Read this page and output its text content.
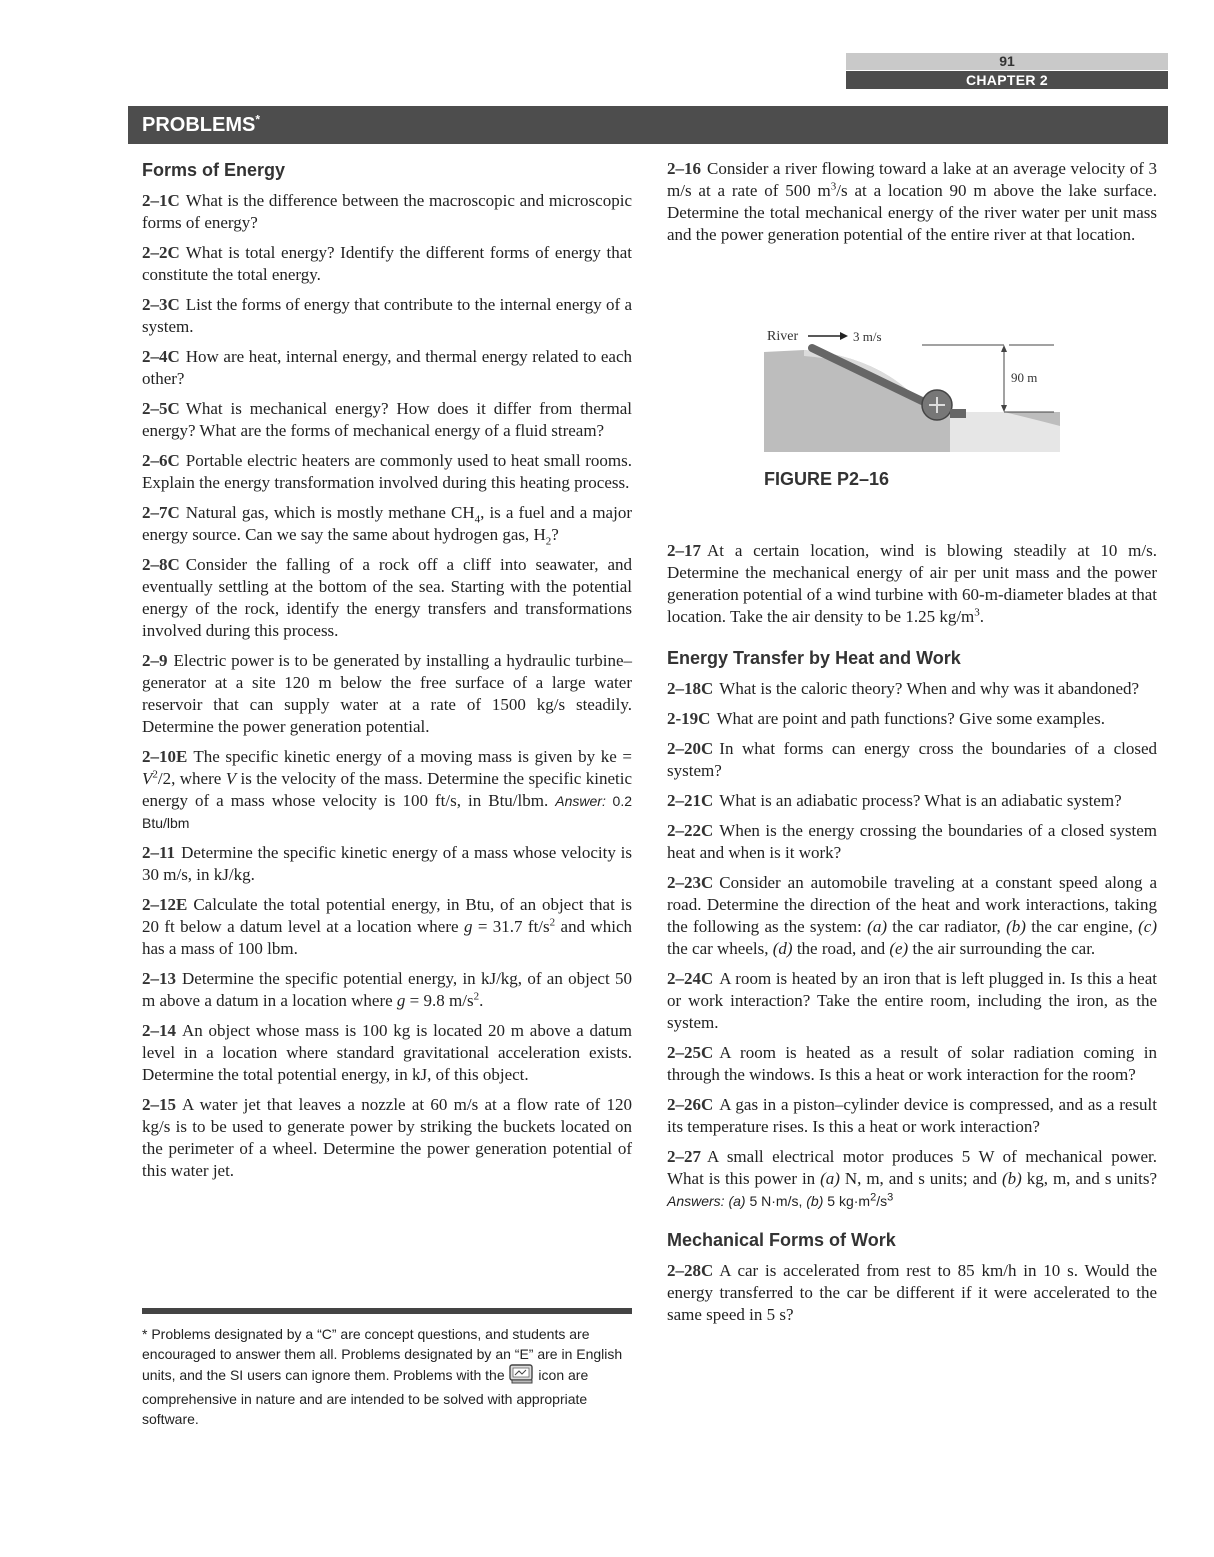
91
CHAPTER 2
PROBLEMS*
Forms of Energy

2–1C What is the difference between the macroscopic and microscopic forms of energy?

2–2C What is total energy? Identify the different forms of energy that constitute the total energy.

2–3C List the forms of energy that contribute to the internal energy of a system.

2–4C How are heat, internal energy, and thermal energy related to each other?

2–5C What is mechanical energy? How does it differ from thermal energy? What are the forms of mechanical energy of a fluid stream?

2–6C Portable electric heaters are commonly used to heat small rooms. Explain the energy transformation involved during this heating process.

2–7C Natural gas, which is mostly methane $CH_4$, is a fuel and a major energy source. Can we say the same about hydrogen gas, $H_2$?

2–8C Consider the falling of a rock off a cliff into seawater, and eventually settling at the bottom of the sea. Starting with the potential energy of the rock, identify the energy transfers and transformations involved during this process.

2–9 Electric power is to be generated by installing a hydraulic turbine–generator at a site 120 m below the free surface of a large water reservoir that can supply water at a rate of 1500 kg/s steadily. Determine the power generation potential.

2–10E The specific kinetic energy of a moving mass is given by ke = $V^2/2$, where V is the velocity of the mass. Determine the specific kinetic energy of a mass whose velocity is 100 ft/s, in Btu/lbm. Answer: 0.2 Btu/lbm

2–11 Determine the specific kinetic energy of a mass whose velocity is 30 m/s, in kJ/kg.

2–12E Calculate the total potential energy, in Btu, of an object that is 20 ft below a datum level at a location where g = 31.7 $ft/s^2$ and which has a mass of 100 lbm.

2–13 Determine the specific potential energy, in kJ/kg, of an object 50 m above a datum in a location where g = 9.8 $m/s^2$.

2–14 An object whose mass is 100 kg is located 20 m above a datum level in a location where standard gravitational acceleration exists. Determine the total potential energy, in kJ, of this object.

2–15 A water jet that leaves a nozzle at 60 m/s at a flow rate of 120 kg/s is to be used to generate power by striking the buckets located on the perimeter of a wheel. Determine the power generation potential of this water jet.

* Problems designated by a “C” are concept questions, and students are encouraged to answer them all. Problems designated by an “E” are in English units, and the SI users can ignore them. Problems with the  icon are comprehensive in nature and are intended to be solved with appropriate software.

2–16 Consider a river flowing toward a lake at an average velocity of 3 m/s at a rate of 500 $m^3/s$ at a location 90 m above the lake surface. Determine the total mechanical energy of the river water per unit mass and the power generation potential of the entire river at that location.

90 m
River	3 m/s
FIGURE P2–16

2–17 At a certain location, wind is blowing steadily at 10 m/s. Determine the mechanical energy of air per unit mass and the power generation potential of a wind turbine with 60-m-diameter blades at that location. Take the air density to be 1.25 $kg/m^3$.

Energy Transfer by Heat and Work

2–18C What is the caloric theory? When and why was it abandoned?

2-19C What are point and path functions? Give some examples.

2–20C In what forms can energy cross the boundaries of a closed system?

2–21C What is an adiabatic process? What is an adiabatic system?

2–22C When is the energy crossing the boundaries of a closed system heat and when is it work?

2–23C Consider an automobile traveling at a constant speed along a road. Determine the direction of the heat and work interactions, taking the following as the system: (a) the car radiator, (b) the car engine, (c) the car wheels, (d) the road, and (e) the air surrounding the car.

2–24C A room is heated by an iron that is left plugged in. Is this a heat or work interaction? Take the entire room, including the iron, as the system.

2–25C A room is heated as a result of solar radiation coming in through the windows. Is this a heat or work interaction for the room?

2–26C A gas in a piston–cylinder device is compressed, and as a result its temperature rises. Is this a heat or work interaction?

2–27 A small electrical motor produces 5 W of mechanical power. What is this power in (a) N, m, and s units; and (b) kg, m, and s units? Answers: (a) 5 N·m/s, (b) 5 $kg\cdot m^2/s^3$

Mechanical Forms of Work

2–28C A car is accelerated from rest to 85 km/h in 10 s. Would the energy transferred to the car be different if it were accelerated to the same speed in 5 s?
